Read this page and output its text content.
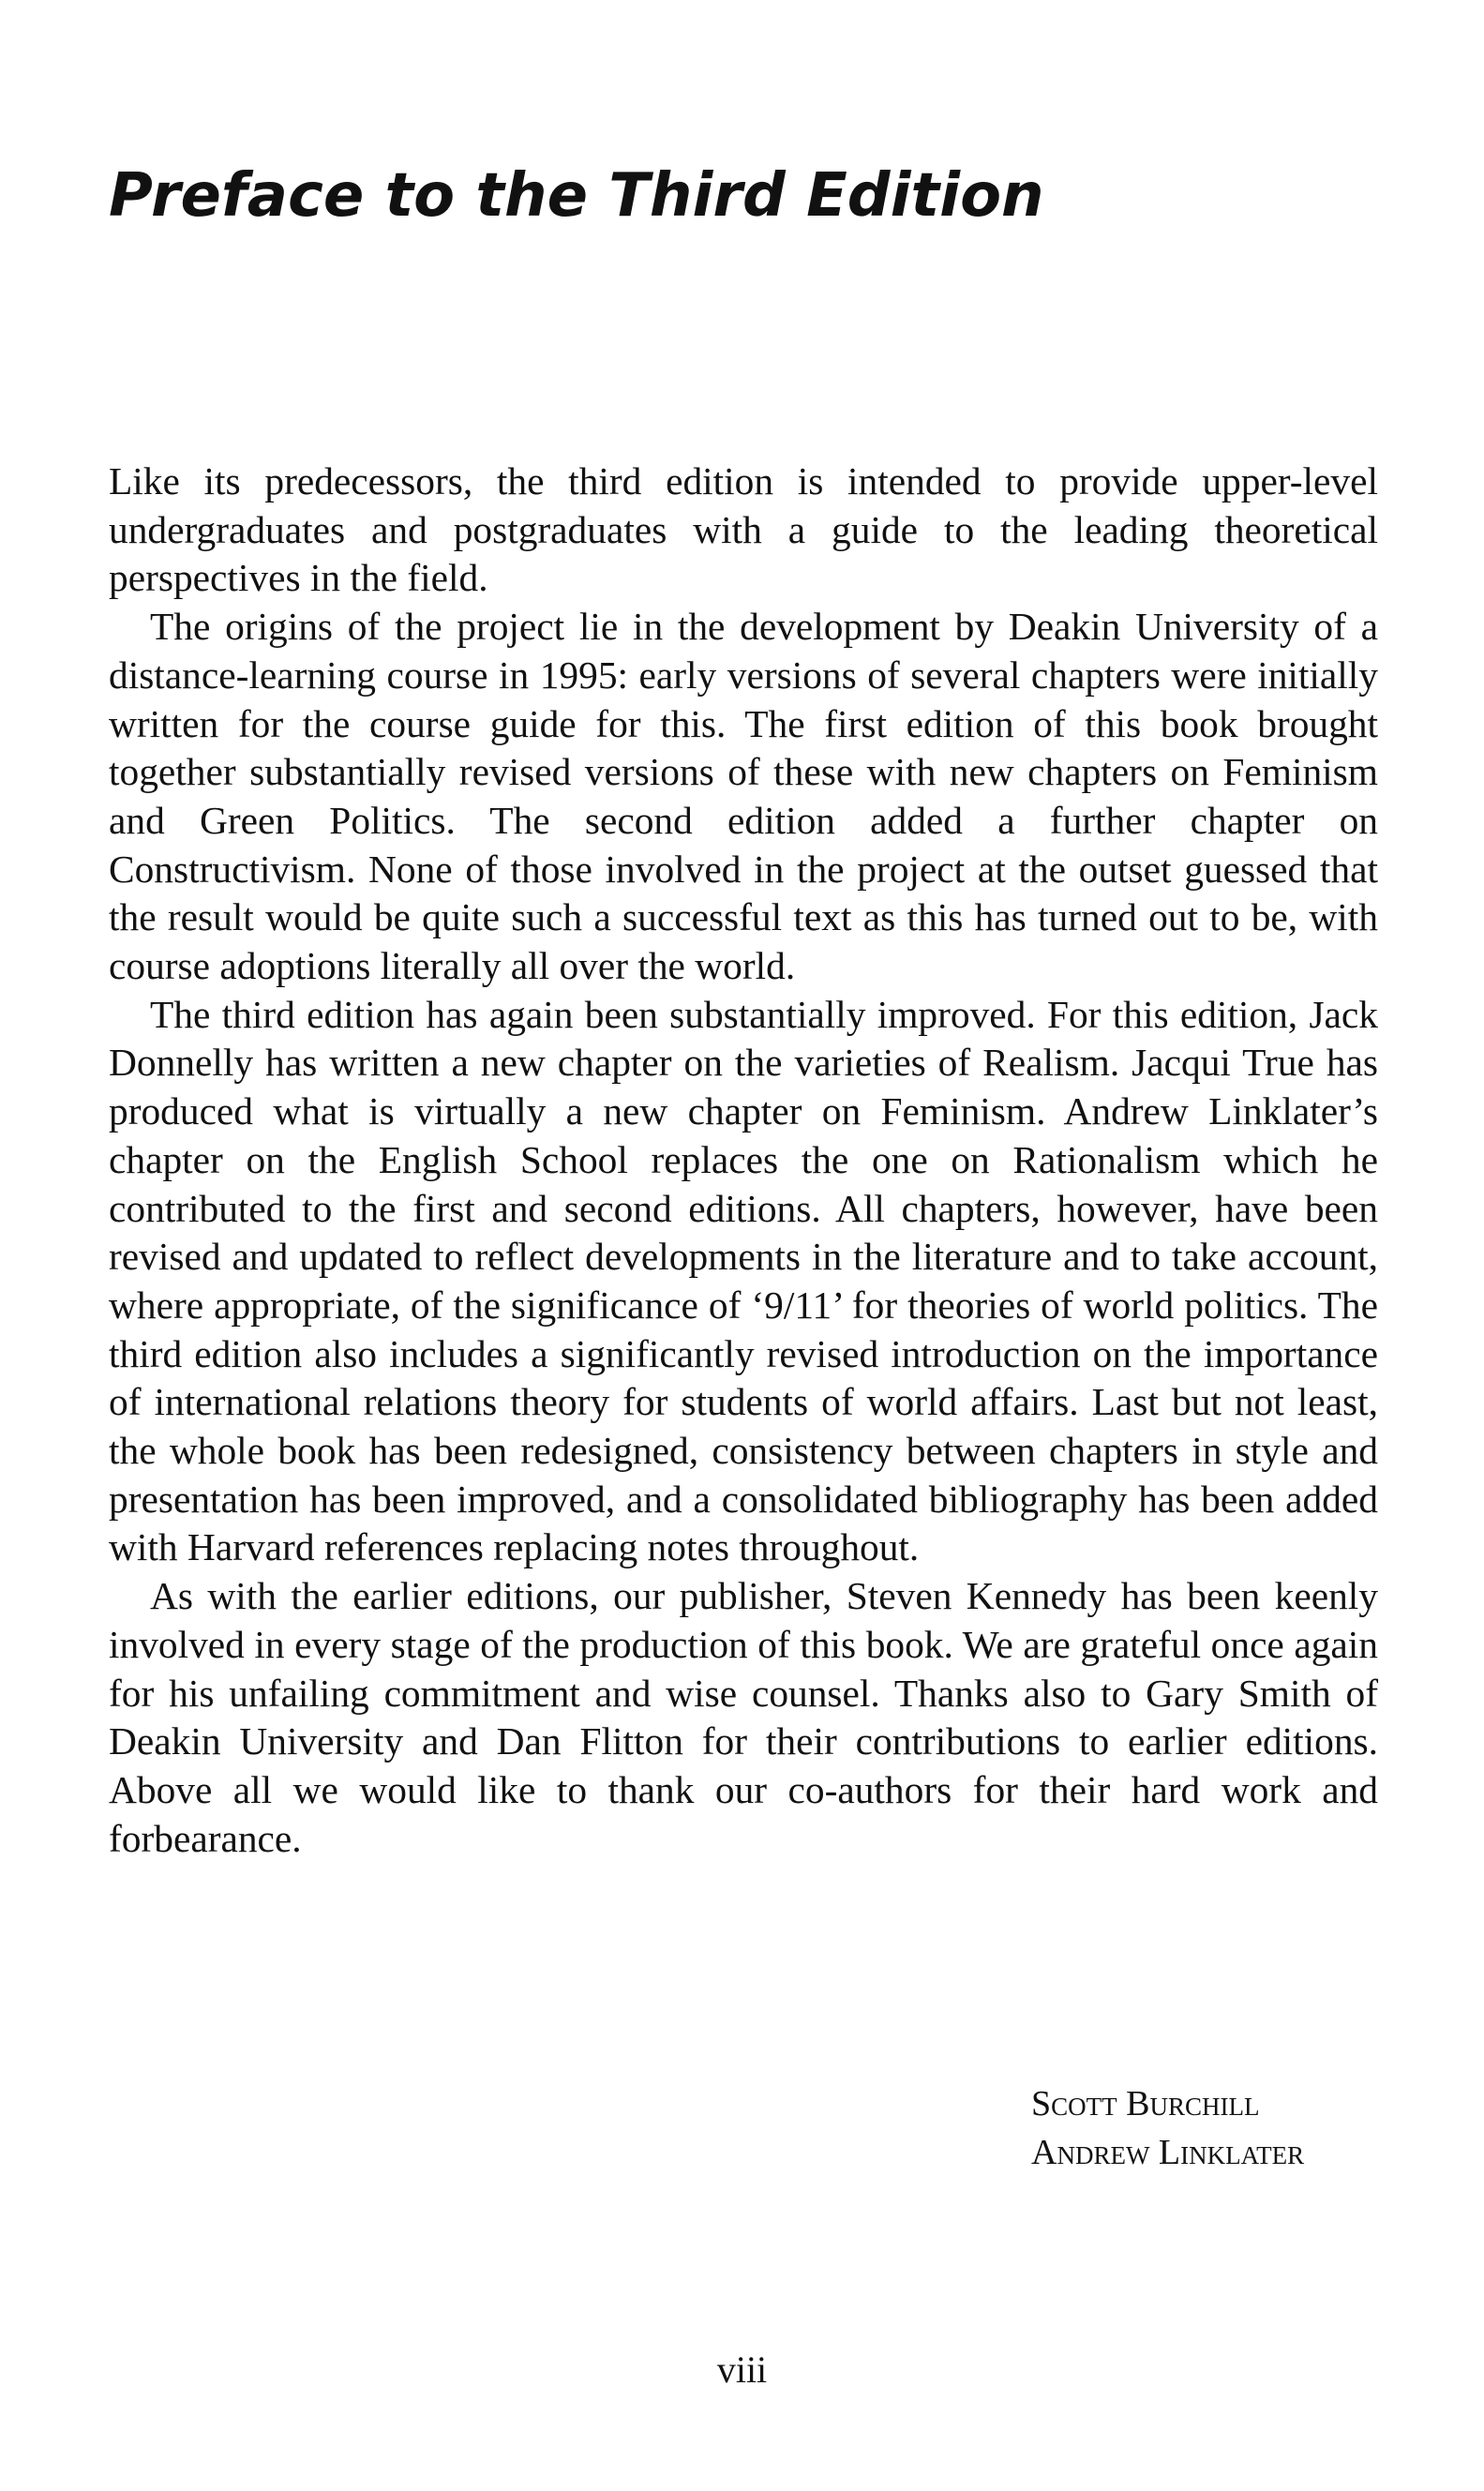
Preface to the Third Edition

Like its predecessors, the third edition is intended to provide upper-level undergraduates and postgraduates with a guide to the leading theoretical perspectives in the field.

The origins of the project lie in the development by Deakin University of a distance-learning course in 1995: early versions of several chapters were initially written for the course guide for this. The first edition of this book brought together substantially revised versions of these with new chapters on Feminism and Green Politics. The second edition added a further chapter on Constructivism. None of those involved in the project at the outset guessed that the result would be quite such a successful text as this has turned out to be, with course adoptions literally all over the world.

The third edition has again been substantially improved. For this edition, Jack Donnelly has written a new chapter on the varieties of Realism. Jacqui True has produced what is virtually a new chapter on Feminism. Andrew Linklater’s chapter on the English School replaces the one on Rationalism which he contributed to the first and second editions. All chapters, however, have been revised and updated to reflect developments in the literature and to take account, where appropriate, of the significance of ‘9/11’ for theories of world politics. The third edition also includes a significantly revised introduction on the importance of international relations theory for students of world affairs. Last but not least, the whole book has been redesigned, consistency between chapters in style and presentation has been improved, and a consolidated bibliography has been added with Harvard references replacing notes throughout.

As with the earlier editions, our publisher, Steven Kennedy has been keenly involved in every stage of the production of this book. We are grateful once again for his unfailing commitment and wise counsel. Thanks also to Gary Smith of Deakin University and Dan Flitton for their contributions to earlier editions. Above all we would like to thank our co-authors for their hard work and forbearance.

Scott Burchill
Andrew Linklater
viii
